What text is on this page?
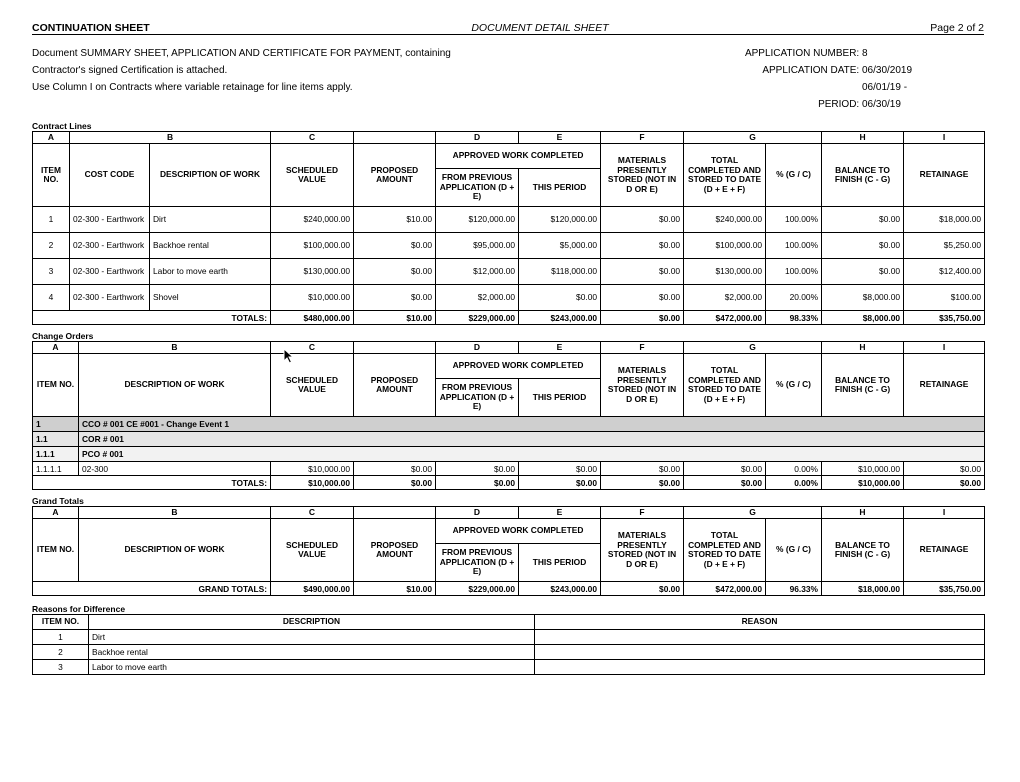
CONTINUATION SHEET	DOCUMENT DETAIL SHEET	Page 2 of 2
Document SUMMARY SHEET, APPLICATION AND CERTIFICATE FOR PAYMENT, containing
Contractor's signed Certification is attached.
Use Column I on Contracts where variable retainage for line items apply.
APPLICATION NUMBER: 8
APPLICATION DATE: 06/30/2019
PERIOD: 06/01/19 - 06/30/19
Contract Lines
A	B		C		D	E	F	G		H	I
ITEM
NO.	COST CODE	DESCRIPTION OF WORK	SCHEDULED VALUE	PROPOSED AMOUNT	APPROVED WORK COMPLETED		MATERIALS PRESENTLY STORED (NOT IN D OR E)	TOTAL COMPLETED AND STORED TO DATE (D + E + F)	% (G / C)	BALANCE TO FINISH (C - G)	RETAINAGE
					FROM PREVIOUS APPLICATION (D + E)	THIS PERIOD					
1	02-300 - Earthwork	Dirt	$240,000.00	$10.00	$120,000.00	$120,000.00	$0.00	$240,000.00	100.00%	$0.00	$18,000.00
2	02-300 - Earthwork	Backhoe rental	$100,000.00	$0.00	$95,000.00	$5,000.00	$0.00	$100,000.00	100.00%	$0.00	$5,250.00
3	02-300 - Earthwork	Labor to move earth	$130,000.00	$0.00	$12,000.00	$118,000.00	$0.00	$130,000.00	100.00%	$0.00	$12,400.00
4	02-300 - Earthwork	Shovel	$10,000.00	$0.00	$2,000.00	$0.00	$0.00	$2,000.00	20.00%	$8,000.00	$100.00
TOTALS:			$480,000.00	$10.00	$229,000.00	$243,000.00	$0.00	$472,000.00	98.33%	$8,000.00	$35,750.00
Change Orders
A	B	C		D	E	F	G		H	I
ITEM NO.	DESCRIPTION OF WORK	SCHEDULED VALUE	PROPOSED AMOUNT	APPROVED WORK COMPLETED		MATERIALS PRESENTLY STORED (NOT IN D OR E)	TOTAL COMPLETED AND STORED TO DATE (D + E + F)	% (G / C)	BALANCE TO FINISH (C - G)	RETAINAGE
				FROM PREVIOUS APPLICATION (D + E)	THIS PERIOD					
1	CCO # 001 CE #001 - Change Event 1									
1.1	COR # 001									
1.1.1	PCO # 001									
1.1.1.1	02-300	$10,000.00	$0.00	$0.00	$0.00	$0.00	$0.00	0.00%	$10,000.00	$0.00
TOTALS:		$10,000.00	$0.00	$0.00	$0.00	$0.00	$0.00	0.00%	$10,000.00	$0.00
Grand Totals
A	B	C		D	E	F	G		H	I
ITEM NO.	DESCRIPTION OF WORK	SCHEDULED VALUE	PROPOSED AMOUNT	APPROVED WORK COMPLETED		MATERIALS PRESENTLY STORED (NOT IN D OR E)	TOTAL COMPLETED AND STORED TO DATE (D + E + F)	% (G / C)	BALANCE TO FINISH (C - G)	RETAINAGE
				FROM PREVIOUS APPLICATION (D + E)	THIS PERIOD					
GRAND TOTALS:		$490,000.00	$10.00	$229,000.00	$243,000.00	$0.00	$472,000.00	96.33%	$18,000.00	$35,750.00
Reasons for Difference
ITEM NO.	DESCRIPTION	REASON
1	Dirt	
2	Backhoe rental	
3	Labor to move earth	
